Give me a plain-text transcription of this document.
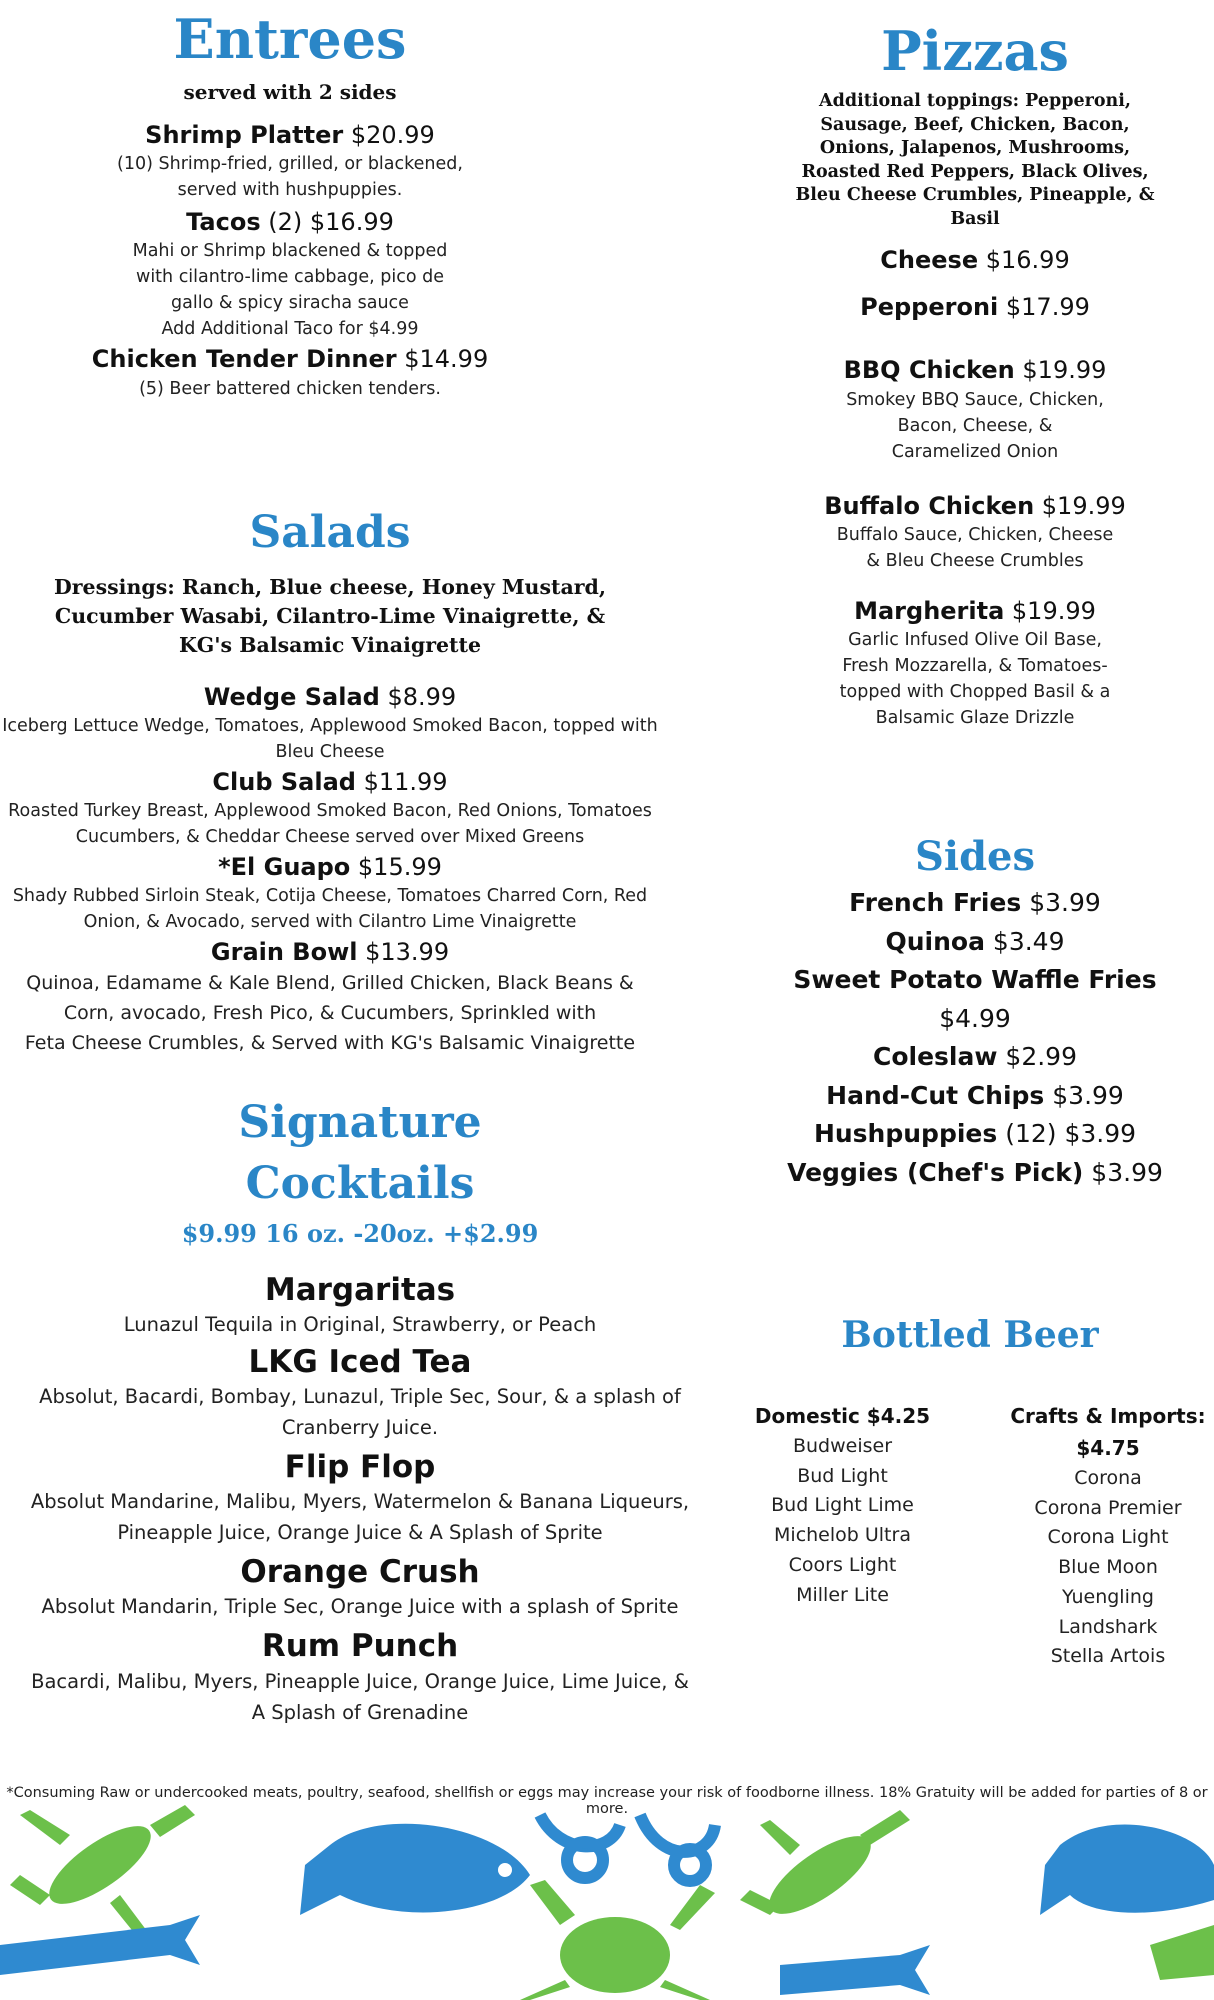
Entrees

served with 2 sides

Shrimp Platter $20.99

(10) Shrimp-fried, grilled, or blackened,

served with hushpuppies.

Tacos (2) $16.99

Mahi or Shrimp blackened & topped

with cilantro-lime cabbage, pico de

gallo & spicy siracha sauce

Add Additional Taco for $4.99

Chicken Tender Dinner $14.99

(5) Beer battered chicken tenders.

Salads

Dressings: Ranch, Blue cheese, Honey Mustard,

Cucumber Wasabi, Cilantro-Lime Vinaigrette, &

KG's Balsamic Vinaigrette

Wedge Salad $8.99

Iceberg Lettuce Wedge, Tomatoes, Applewood Smoked Bacon, topped with

Bleu Cheese

Club Salad $11.99

Roasted Turkey Breast, Applewood Smoked Bacon, Red Onions, Tomatoes

Cucumbers, & Cheddar Cheese served over Mixed Greens

*El Guapo $15.99

Shady Rubbed Sirloin Steak, Cotija Cheese, Tomatoes Charred Corn, Red

Onion, & Avocado, served with Cilantro Lime Vinaigrette

Grain Bowl $13.99

Quinoa, Edamame & Kale Blend, Grilled Chicken, Black Beans &

Corn, avocado, Fresh Pico, & Cucumbers, Sprinkled with

Feta Cheese Crumbles, & Served with KG's Balsamic Vinaigrette

Signature
Cocktails

$9.99 16 oz. -20oz. +$2.99

Margaritas

Lunazul Tequila in Original, Strawberry, or Peach

LKG Iced Tea

Absolut, Bacardi, Bombay, Lunazul, Triple Sec, Sour, & a splash of

Cranberry Juice.

Flip Flop

Absolut Mandarine, Malibu, Myers, Watermelon & Banana Liqueurs,

Pineapple Juice, Orange Juice & A Splash of Sprite

Orange Crush

Absolut Mandarin, Triple Sec, Orange Juice with a splash of Sprite

Rum Punch

Bacardi, Malibu, Myers, Pineapple Juice, Orange Juice, Lime Juice, &

A Splash of Grenadine

Pizzas

Additional toppings: Pepperoni,

Sausage, Beef, Chicken, Bacon,

Onions, Jalapenos, Mushrooms,

Roasted Red Peppers, Black Olives,

Bleu Cheese Crumbles, Pineapple, &

Basil

Cheese $16.99

Pepperoni $17.99

BBQ Chicken $19.99

Smokey BBQ Sauce, Chicken,

Bacon, Cheese, &

Caramelized Onion

Buffalo Chicken $19.99

Buffalo Sauce, Chicken, Cheese

& Bleu Cheese Crumbles

Margherita $19.99

Garlic Infused Olive Oil Base,

Fresh Mozzarella, & Tomatoes-

topped with Chopped Basil & a

Balsamic Glaze Drizzle

Sides

French Fries $3.99

Quinoa $3.49

Sweet Potato Waffle Fries

$4.99

Coleslaw $2.99

Hand-Cut Chips $3.99

Hushpuppies (12) $3.99

Veggies (Chef's Pick) $3.99

Bottled Beer

Domestic $4.25

Budweiser

Bud Light

Bud Light Lime

Michelob Ultra

Coors Light

Miller Lite

Crafts & Imports:

$4.75

Corona

Corona Premier

Corona Light

Blue Moon

Yuengling

Landshark

Stella Artois

*Consuming Raw or undercooked meats, poultry, seafood, shellfish or eggs may increase your risk of foodborne illness. 18% Gratuity will be added for parties of 8 or more.
